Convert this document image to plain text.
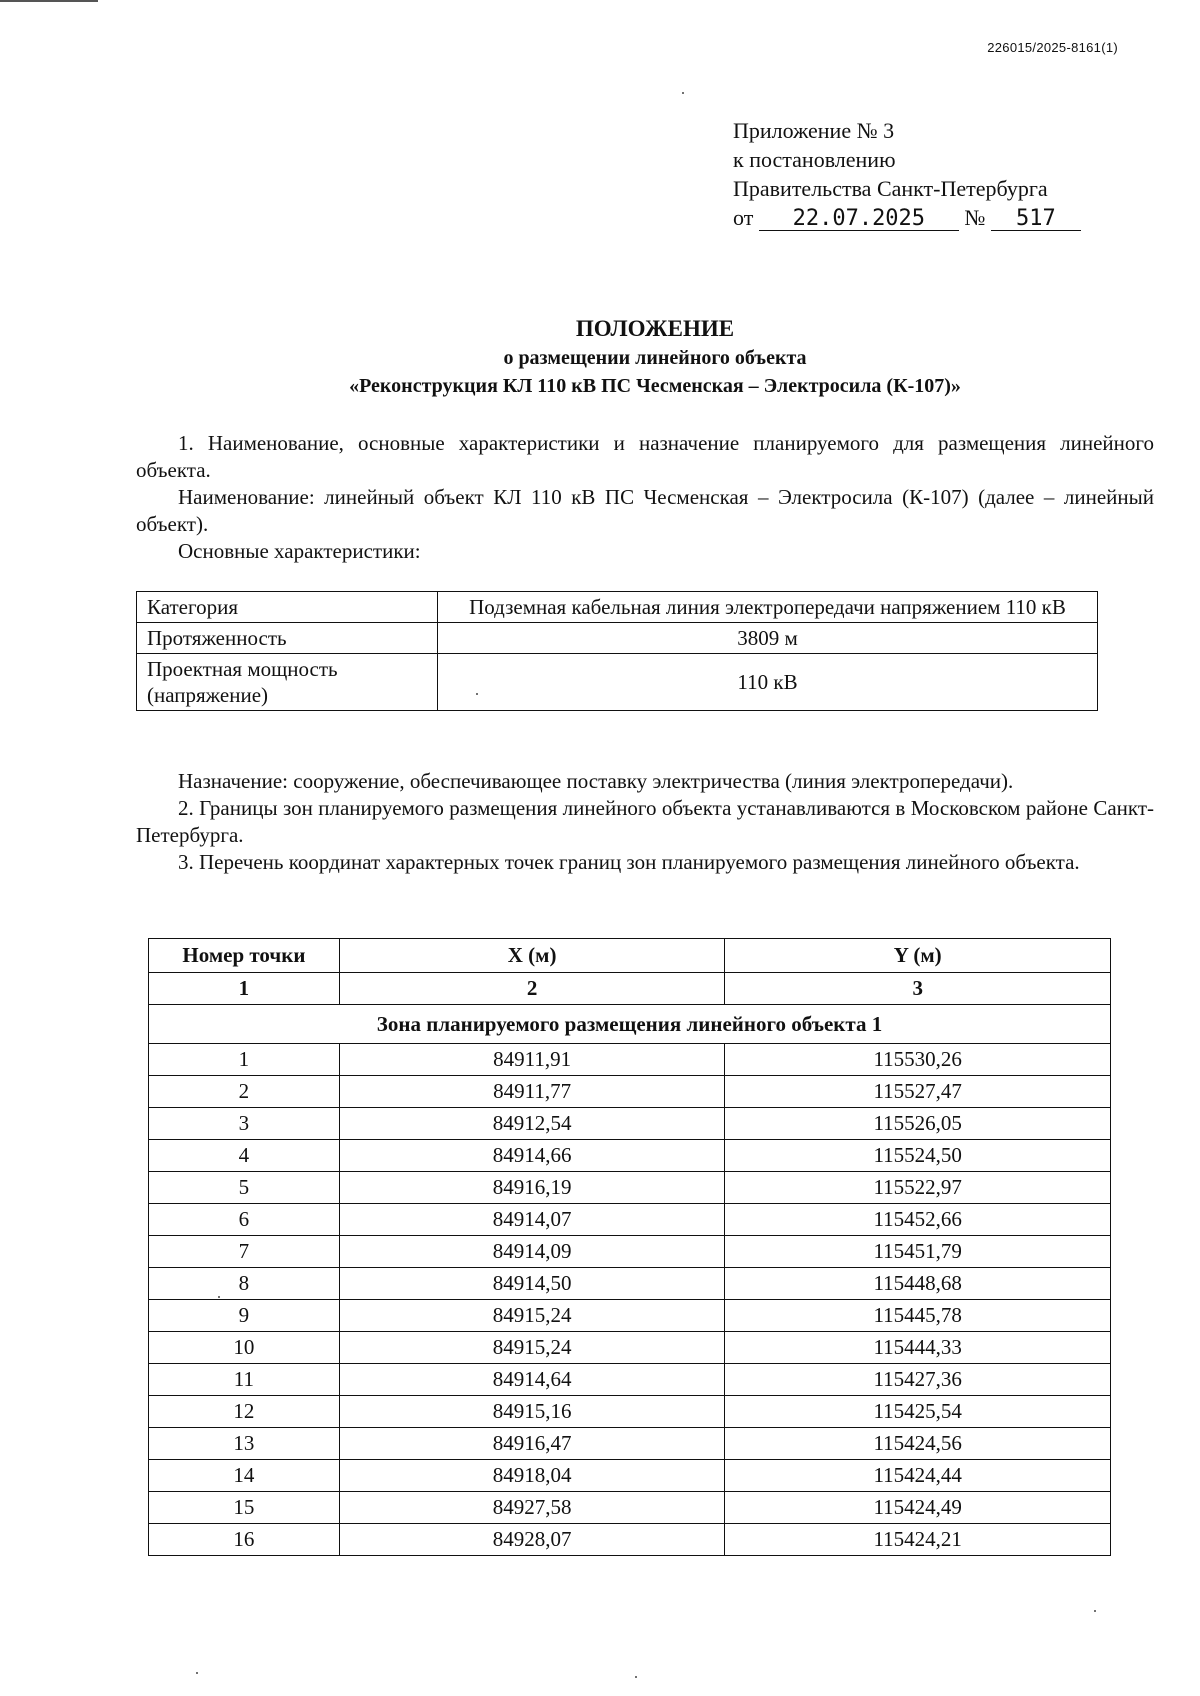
226015/2025-8161(1)
Приложение № 3
к постановлению
Правительства Санкт-Петербурга
от 22.07.2025 № 517
ПОЛОЖЕНИЕ
о размещении линейного объекта
«Реконструкция КЛ 110 кВ ПС Чесменская – Электросила (К-107)»

1. Наименование, основные характеристики и назначение планируемого для размещения линейного объекта.

Наименование: линейный объект КЛ 110 кВ ПС Чесменская – Электросила (К-107) (далее – линейный объект).

Основные характеристики:

Категория	Подземная кабельная линия электропередачи напряжением 110 кВ
Протяженность	3809 м
Проектная мощность (напряжение)	110 кВ

Назначение: сооружение, обеспечивающее поставку электричества (линия электропередачи).

2. Границы зон планируемого размещения линейного объекта устанавливаются в Московском районе Санкт-Петербурга.

3. Перечень координат характерных точек границ зон планируемого размещения линейного объекта.

Номер точки	X (м)	Y (м)
1	2	3
Зона планируемого размещения линейного объекта 1		
1	84911,91	115530,26
2	84911,77	115527,47
3	84912,54	115526,05
4	84914,66	115524,50
5	84916,19	115522,97
6	84914,07	115452,66
7	84914,09	115451,79
8	84914,50	115448,68
9	84915,24	115445,78
10	84915,24	115444,33
11	84914,64	115427,36
12	84915,16	115425,54
13	84916,47	115424,56
14	84918,04	115424,44
15	84927,58	115424,49
16	84928,07	115424,21
